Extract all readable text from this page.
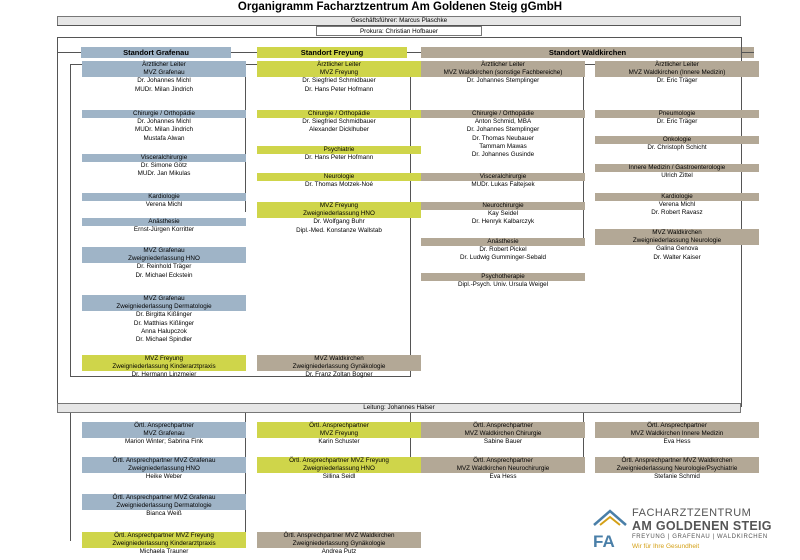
Organigramm Facharztzentrum Am Goldenen Steig gGmbH
Geschäftsführer: Marcus Plaschke
Prokura: Christian Hofbauer
Standort Grafenau	Standort Freyung	Standort Waldkirchen
Leitung: Johannes Halser
Ärztlicher Leiter
MVZ Grafenau
Dr. Johannes Michl
MUDr. Milan Jindrich
Chirurgie / Orthopädie
Dr. Johannes Michl
MUDr. Milan Jindrich
Mustafa Alwan
Visceralchirurgie
Dr. Simone Götz
MUDr. Jan Mikulas
Kardiologie
Verena Michl
Anästhesie
Ernst-Jürgen Korritter
MVZ Grafenau
Zweigniederlassung HNO
Dr. Reinhold Träger
Dr. Michael Eckstein
MVZ Grafenau
Zweigniederlassung Dermatologie
Dr. Birgitta Kißlinger
Dr. Matthias Kißlinger
Anna Halupczok
Dr. Michael Spindler
MVZ Freyung
Zweigniederlassung Kinderarztpraxis
Dr. Hermann Linzmeier
Ärztlicher Leiter
MVZ Freyung
Dr. Siegfried Schmidbauer
Dr. Hans Peter Hofmann
Chirurgie / Orthopädie
Dr. Siegfried Schmidbauer
Alexander Dicklhuber
Psychiatrie
Dr. Hans Peter Hofmann
Neurologie
Dr. Thomas Motzek-Noé
MVZ Freyung
Zweigniederlassung HNO
Dr. Wolfgang Buhr
Dipl.-Med. Konstanze Wallstab
MVZ Waldkirchen
Zweigniederlassung Gynäkologie
Dr. Franz Zoltan Bogner
Ärztlicher Leiter
MVZ Waldkirchen (sonstige Fachbereiche)
Dr. Johannes Stemplinger
Chirurgie / Orthopädie
Anton Schmid, MBA
Dr. Johannes Stemplinger
Dr. Thomas Neubauer
Tammam Mawas
Dr. Johannes Gusinde
Visceralchirurgie
MUDr. Lukas Faltejsek
Neurochirurgie
Kay Seidel
Dr. Henryk Kalbarczyk
Anästhesie
Dr. Robert Pickel
Dr. Ludwig Gumminger-Sebald
Psychotherapie
Dipl.-Psych. Univ. Ursula Weigel
Ärztlicher Leiter
MVZ Waldkirchen (Innere Medizin)
Dr. Eric Träger
Pneumologie
Dr. Eric Träger
Onkologie
Dr. Christoph Schicht
Innere Medizin / Gastroenterologie
Ulrich Zittel
Kardiologie
Verena Michl
Dr. Robert Ravasz
MVZ Waldkirchen
Zweigniederlassung Neurologie
Galina Genova
Dr. Walter Kaiser
Örtl. Ansprechpartner
MVZ Grafenau
Marion Winter; Sabrina Fink
Örtl. Ansprechpartner MVZ Grafenau
Zweigniederlassung HNO
Heike Weber
Örtl. Ansprechpartner MVZ Grafenau
Zweigniederlassung Dermatologie
Bianca Weiß
Örtl. Ansprechpartner MVZ Freyung
Zweigniederlassung Kinderarztpraxis
Michaela Trauner
Örtl. Ansprechpartner
MVZ Freyung
Karin Schuster
Örtl. Ansprechpartner MVZ Freyung
Zweigniederlassung HNO
Sillina Seidl
Örtl. Ansprechpartner MVZ Waldkirchen
Zweigniederlassung Gynäkologie
Andrea Putz
Örtl. Ansprechpartner
MVZ Waldkirchen Chirurgie
Sabine Bauer
Örtl. Ansprechpartner
MVZ Waldkirchen Neurochirurgie
Eva Hess
Örtl. Ansprechpartner
MVZ Waldkirchen Innere Medizin
Eva Hess
Örtl. Ansprechpartner MVZ Waldkirchen
Zweigniederlassung Neurologie/Psychiatrie
Stefanie Schmid
FA
FACHARZTZENTRUM
AM GOLDENEN STEIG
FREYUNG | GRAFENAU | WALDKIRCHEN
Wir für Ihre Gesundheit
